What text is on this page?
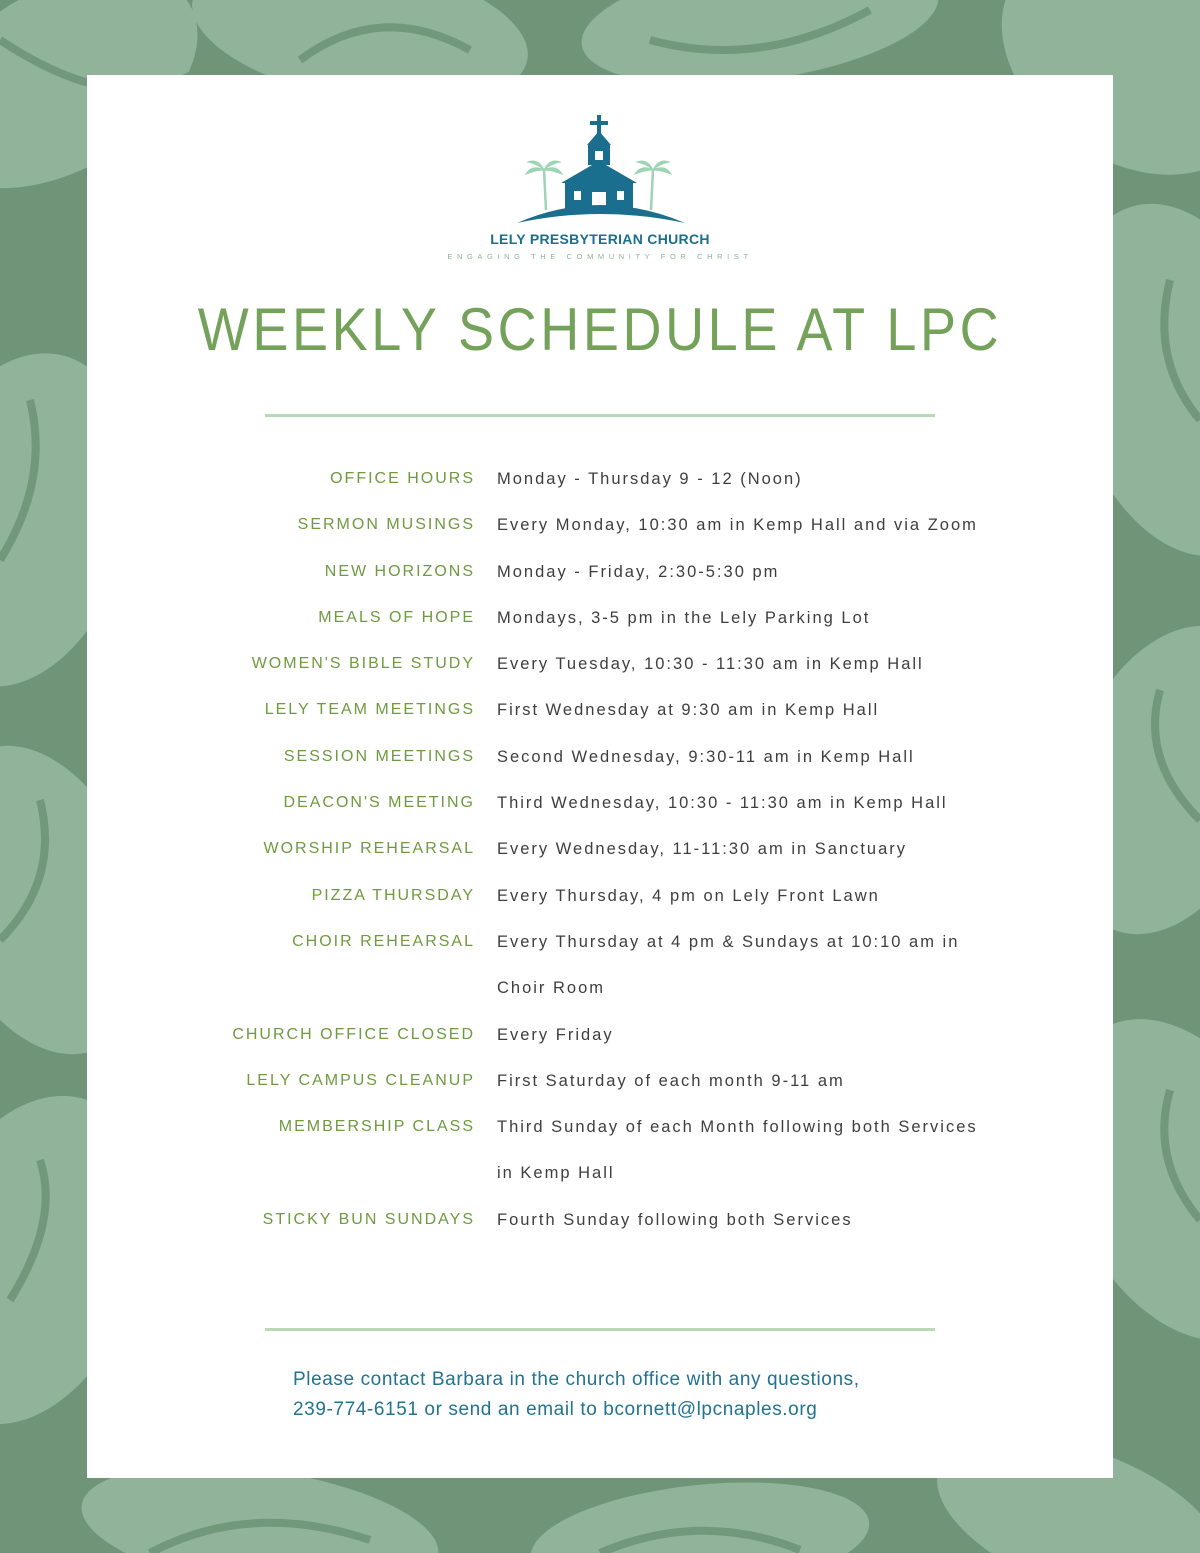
LELY PRESBYTERIAN CHURCH
ENGAGING THE COMMUNITY FOR CHRIST
WEEKLY SCHEDULE AT LPC
OFFICE HOURS Monday - Thursday 9 - 12 (Noon)
SERMON MUSINGS Every Monday, 10:30 am in Kemp Hall and via Zoom
NEW HORIZONS Monday - Friday, 2:30-5:30 pm
MEALS OF HOPE Mondays, 3-5 pm in the Lely Parking Lot
WOMEN'S BIBLE STUDY Every Tuesday, 10:30 - 11:30 am in Kemp Hall
LELY TEAM MEETINGS First Wednesday at 9:30 am in Kemp Hall
SESSION MEETINGS Second Wednesday, 9:30-11 am in Kemp Hall
DEACON'S MEETING Third Wednesday, 10:30 - 11:30 am in Kemp Hall
WORSHIP REHEARSAL Every Wednesday, 11-11:30 am in Sanctuary
PIZZA THURSDAY Every Thursday, 4 pm on Lely Front Lawn
CHOIR REHEARSAL Every Thursday at 4 pm & Sundays at 10:10 am in Choir Room
CHURCH OFFICE CLOSED Every Friday
LELY CAMPUS CLEANUP First Saturday of each month 9-11 am
MEMBERSHIP CLASS Third Sunday of each Month following both Services in Kemp Hall
STICKY BUN SUNDAYS Fourth Sunday following both Services
Please contact Barbara in the church office with any questions,
239-774-6151 or send an email to bcornett@lpcnaples.org
